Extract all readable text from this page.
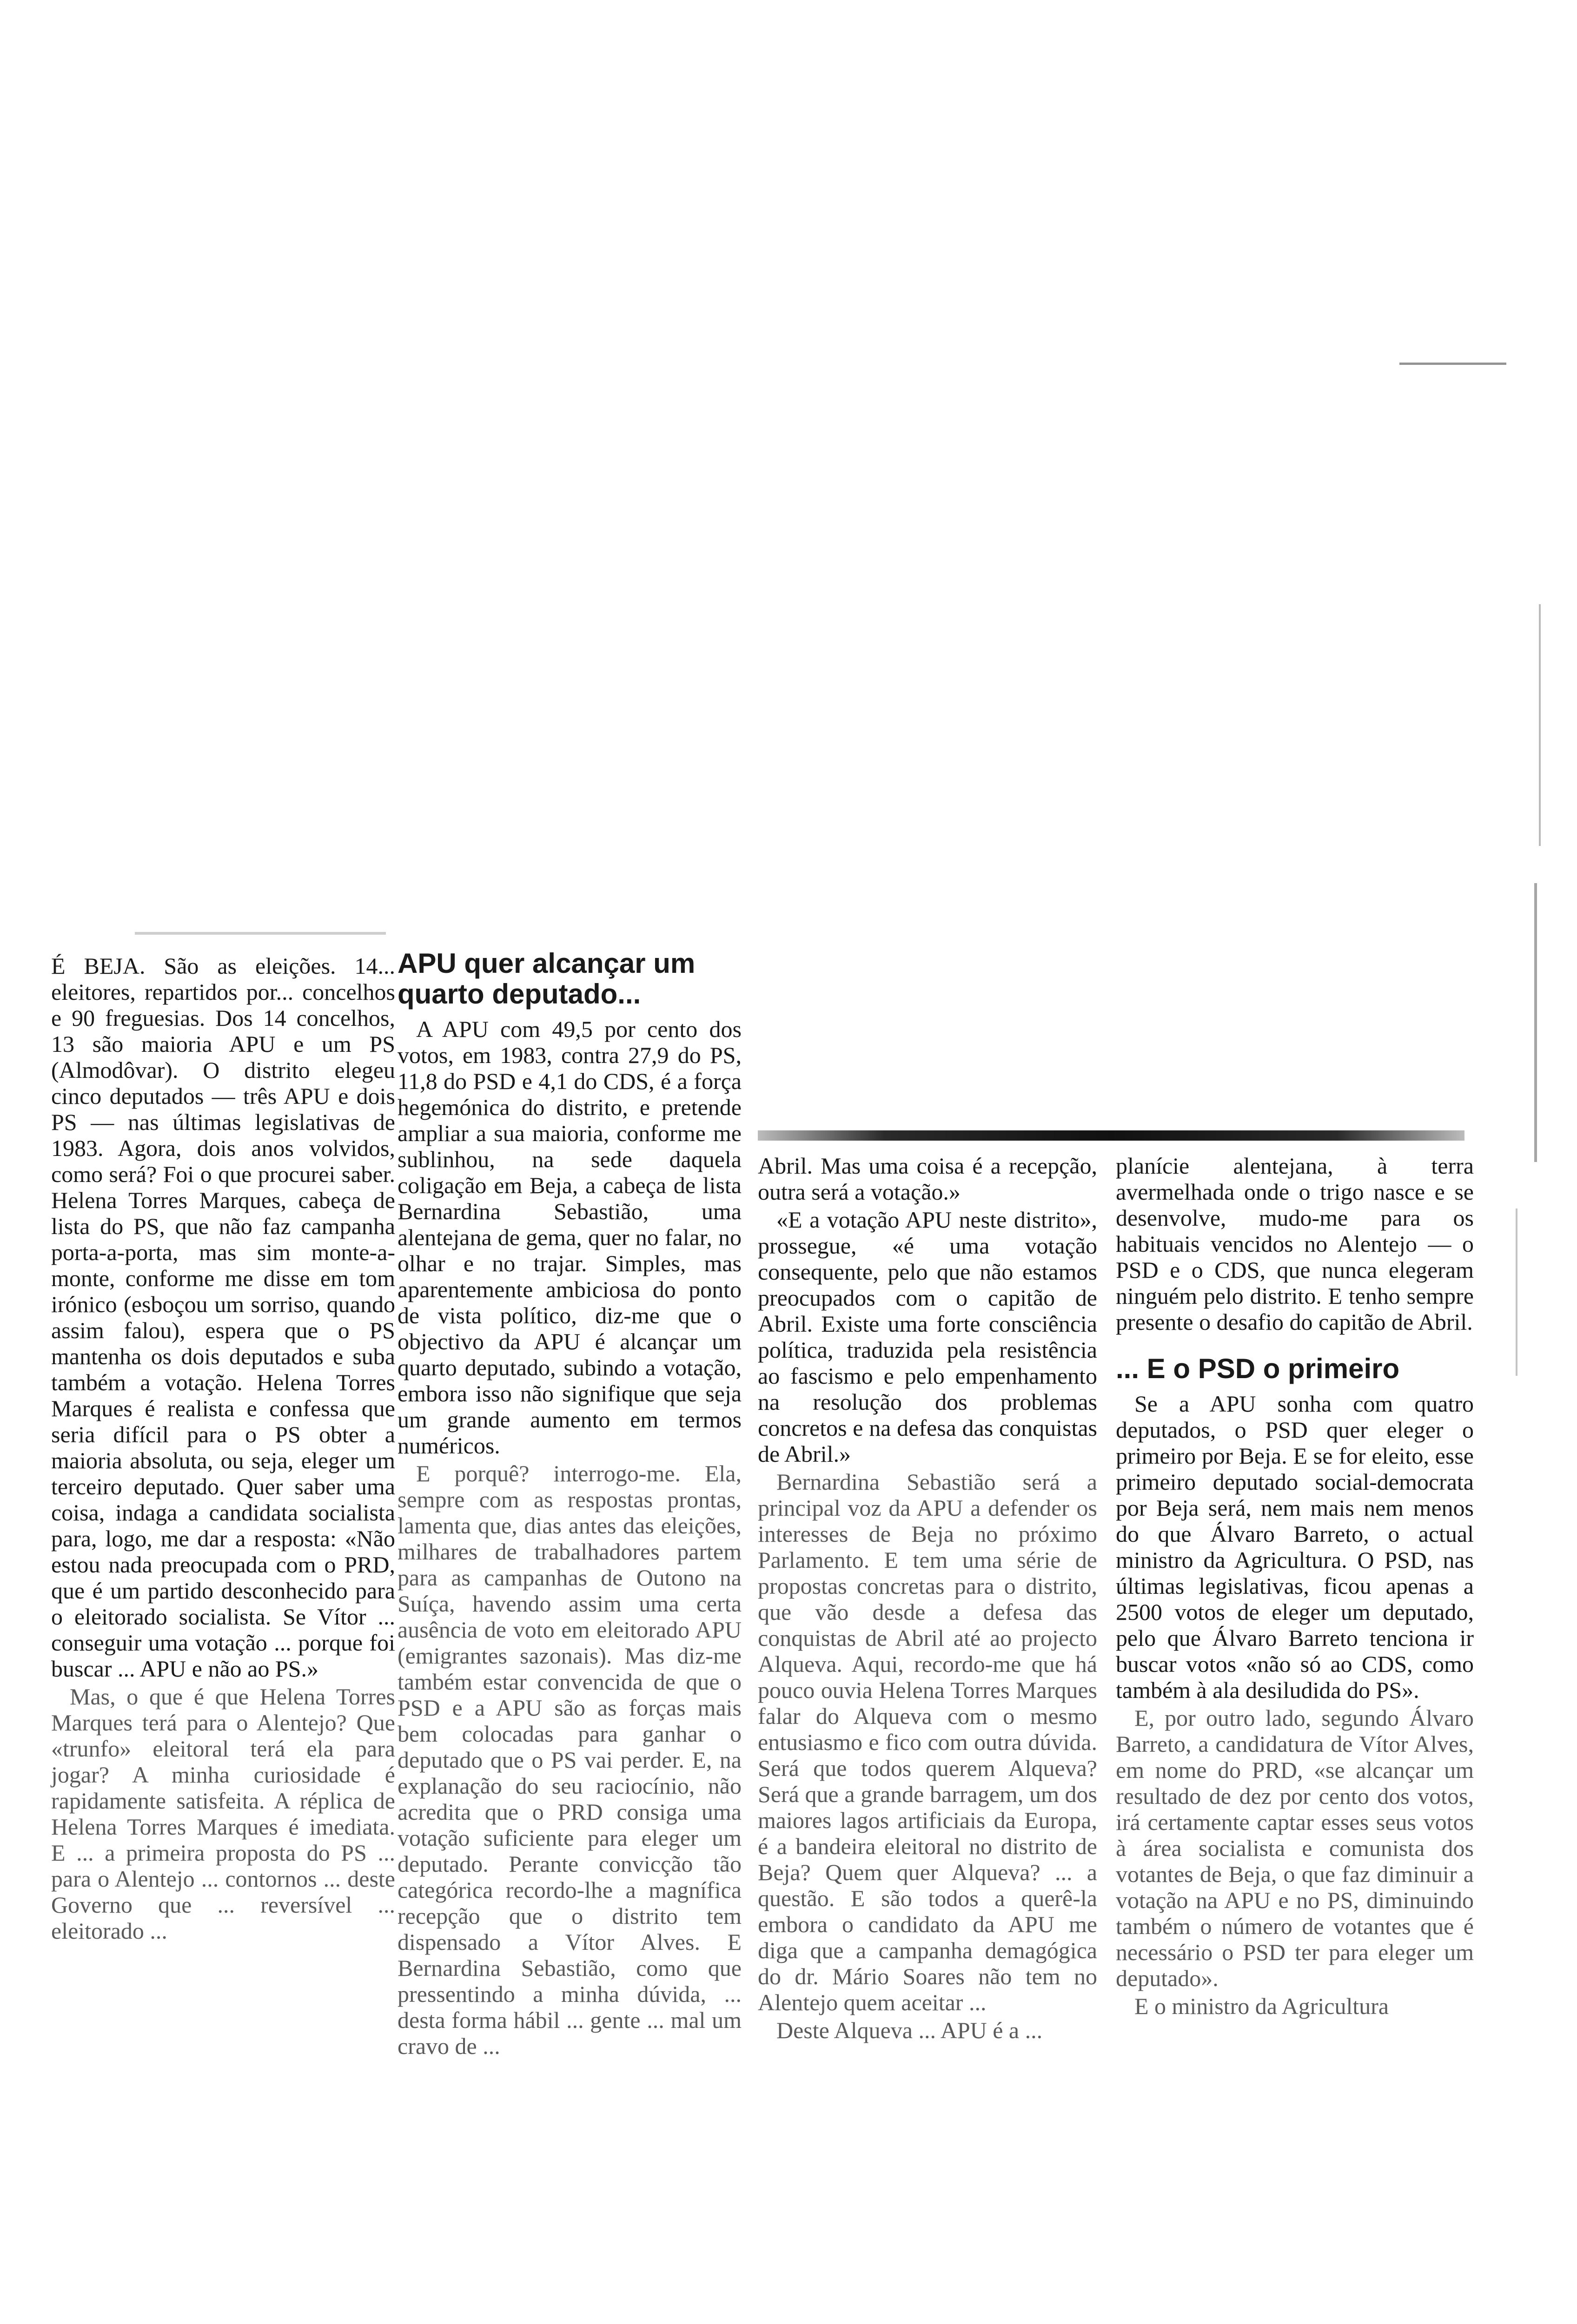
É BEJA. São as eleições. 14... eleitores, repartidos por... concelhos e 90 freguesias. Dos 14 concelhos, 13 são maioria APU e um PS (Almodôvar). O distrito elegeu cinco deputados — três APU e dois PS — nas últimas legislativas de 1983. Agora, dois anos volvidos, como será? Foi o que procurei saber. Helena Torres Marques, cabeça de lista do PS, que não faz campanha porta-a-porta, mas sim monte-a-monte, conforme me disse em tom irónico (esboçou um sorriso, quando assim falou), espera que o PS mantenha os dois deputados e suba também a votação. Helena Torres Marques é realista e confessa que seria difícil para o PS obter a maioria absoluta, ou seja, eleger um terceiro deputado. Quer saber uma coisa, indaga a candidata socialista para, logo, me dar a resposta: «Não estou nada preocupada com o PRD, que é um partido desconhecido para o eleitorado socialista. Se Vítor ... conseguir uma votação ... porque foi buscar ... APU e não ao PS.»

Mas, o que é que Helena Torres Marques terá para o Alentejo? Que «trunfo» eleitoral terá ela para jogar? A minha curiosidade é rapidamente satisfeita. A réplica de Helena Torres Marques é imediata. E ... a primeira proposta do PS ... para o Alentejo ... contornos ... deste Governo que ... reversível ... eleitorado ...

APU quer alcançar um quarto deputado...

A APU com 49,5 por cento dos votos, em 1983, contra 27,9 do PS, 11,8 do PSD e 4,1 do CDS, é a força hegemónica do distrito, e pretende ampliar a sua maioria, conforme me sublinhou, na sede daquela coligação em Beja, a cabeça de lista Bernardina Sebastião, uma alentejana de gema, quer no falar, no olhar e no trajar. Simples, mas aparentemente ambiciosa do ponto de vista político, diz-me que o objectivo da APU é alcançar um quarto deputado, subindo a votação, embora isso não signifique que seja um grande aumento em termos numéricos.

E porquê? interrogo-me. Ela, sempre com as respostas prontas, lamenta que, dias antes das eleições, milhares de trabalhadores partem para as campanhas de Outono na Suíça, havendo assim uma certa ausência de voto em eleitorado APU (emigrantes sazonais). Mas diz-me também estar convencida de que o PSD e a APU são as forças mais bem colocadas para ganhar o deputado que o PS vai perder. E, na explanação do seu raciocínio, não acredita que o PRD consiga uma votação suficiente para eleger um deputado. Perante convicção tão categórica recordo-lhe a magnífica recepção que o distrito tem dispensado a Vítor Alves. E Bernardina Sebastião, como que pressentindo a minha dúvida, ... desta forma hábil ... gente ... mal um cravo de ...

Abril. Mas uma coisa é a recepção, outra será a votação.»

«E a votação APU neste distrito», prossegue, «é uma votação consequente, pelo que não estamos preocupados com o capitão de Abril. Existe uma forte consciência política, traduzida pela resistência ao fascismo e pelo empenhamento na resolução dos problemas concretos e na defesa das conquistas de Abril.»

Bernardina Sebastião será a principal voz da APU a defender os interesses de Beja no próximo Parlamento. E tem uma série de propostas concretas para o distrito, que vão desde a defesa das conquistas de Abril até ao projecto Alqueva. Aqui, recordo-me que há pouco ouvia Helena Torres Marques falar do Alqueva com o mesmo entusiasmo e fico com outra dúvida. Será que todos querem Alqueva? Será que a grande barragem, um dos maiores lagos artificiais da Europa, é a bandeira eleitoral no distrito de Beja? Quem quer Alqueva? ... a questão. E são todos a querê-la embora o candidato da APU me diga que a campanha demagógica do dr. Mário Soares não tem no Alentejo quem aceitar ...

Deste Alqueva ... APU é a ...

planície alentejana, à terra avermelhada onde o trigo nasce e se desenvolve, mudo-me para os habituais vencidos no Alentejo — o PSD e o CDS, que nunca elegeram ninguém pelo distrito. E tenho sempre presente o desafio do capitão de Abril.

... E o PSD o primeiro

Se a APU sonha com quatro deputados, o PSD quer eleger o primeiro por Beja. E se for eleito, esse primeiro deputado social-democrata por Beja será, nem mais nem menos do que Álvaro Barreto, o actual ministro da Agricultura. O PSD, nas últimas legislativas, ficou apenas a 2500 votos de eleger um deputado, pelo que Álvaro Barreto tenciona ir buscar votos «não só ao CDS, como também à ala desiludida do PS».

E, por outro lado, segundo Álvaro Barreto, a candidatura de Vítor Alves, em nome do PRD, «se alcançar um resultado de dez por cento dos votos, irá certamente captar esses seus votos à área socialista e comunista dos votantes de Beja, o que faz diminuir a votação na APU e no PS, diminuindo também o número de votantes que é necessário o PSD ter para eleger um deputado».

E o ministro da Agricultura
